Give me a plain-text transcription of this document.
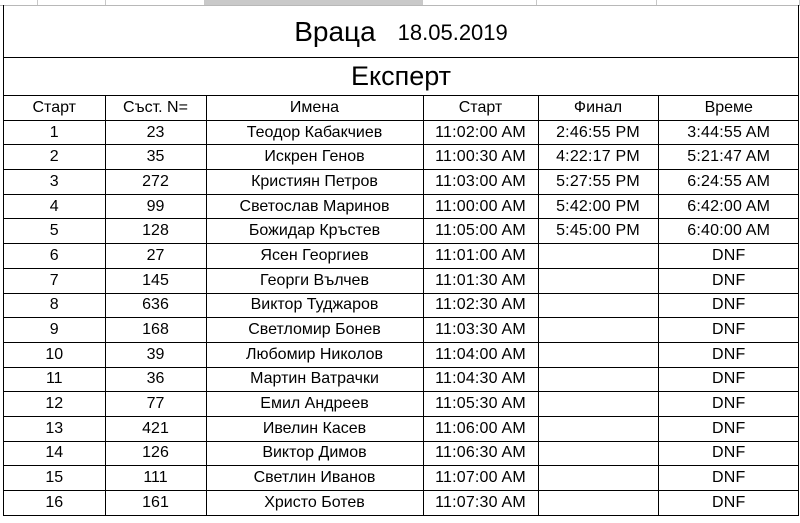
Враца 18.05.2019
Експерт
Старт	Съст. N=	Имена	Старт	Финал	Време
1	23	Теодор Кабакчиев	11:02:00 AM	2:46:55 PM	3:44:55 AM
2	35	Искрен Генов	11:00:30 AM	4:22:17 PM	5:21:47 AM
3	272	Кристиян Петров	11:03:00 AM	5:27:55 PM	6:24:55 AM
4	99	Светослав Маринов	11:00:00 AM	5:42:00 PM	6:42:00 AM
5	128	Божидар Кръстев	11:05:00 AM	5:45:00 PM	6:40:00 AM
6	27	Ясен Георгиев	11:01:00 AM		DNF
7	145	Георги Вълчев	11:01:30 AM		DNF
8	636	Виктор Туджаров	11:02:30 AM		DNF
9	168	Светломир Бонев	11:03:30 AM		DNF
10	39	Любомир Николов	11:04:00 AM		DNF
11	36	Мартин Ватрачки	11:04:30 AM		DNF
12	77	Емил Андреев	11:05:30 AM		DNF
13	421	Ивелин Касев	11:06:00 AM		DNF
14	126	Виктор Димов	11:06:30 AM		DNF
15	111	Светлин Иванов	11:07:00 AM		DNF
16	161	Христо Ботев	11:07:30 AM		DNF
